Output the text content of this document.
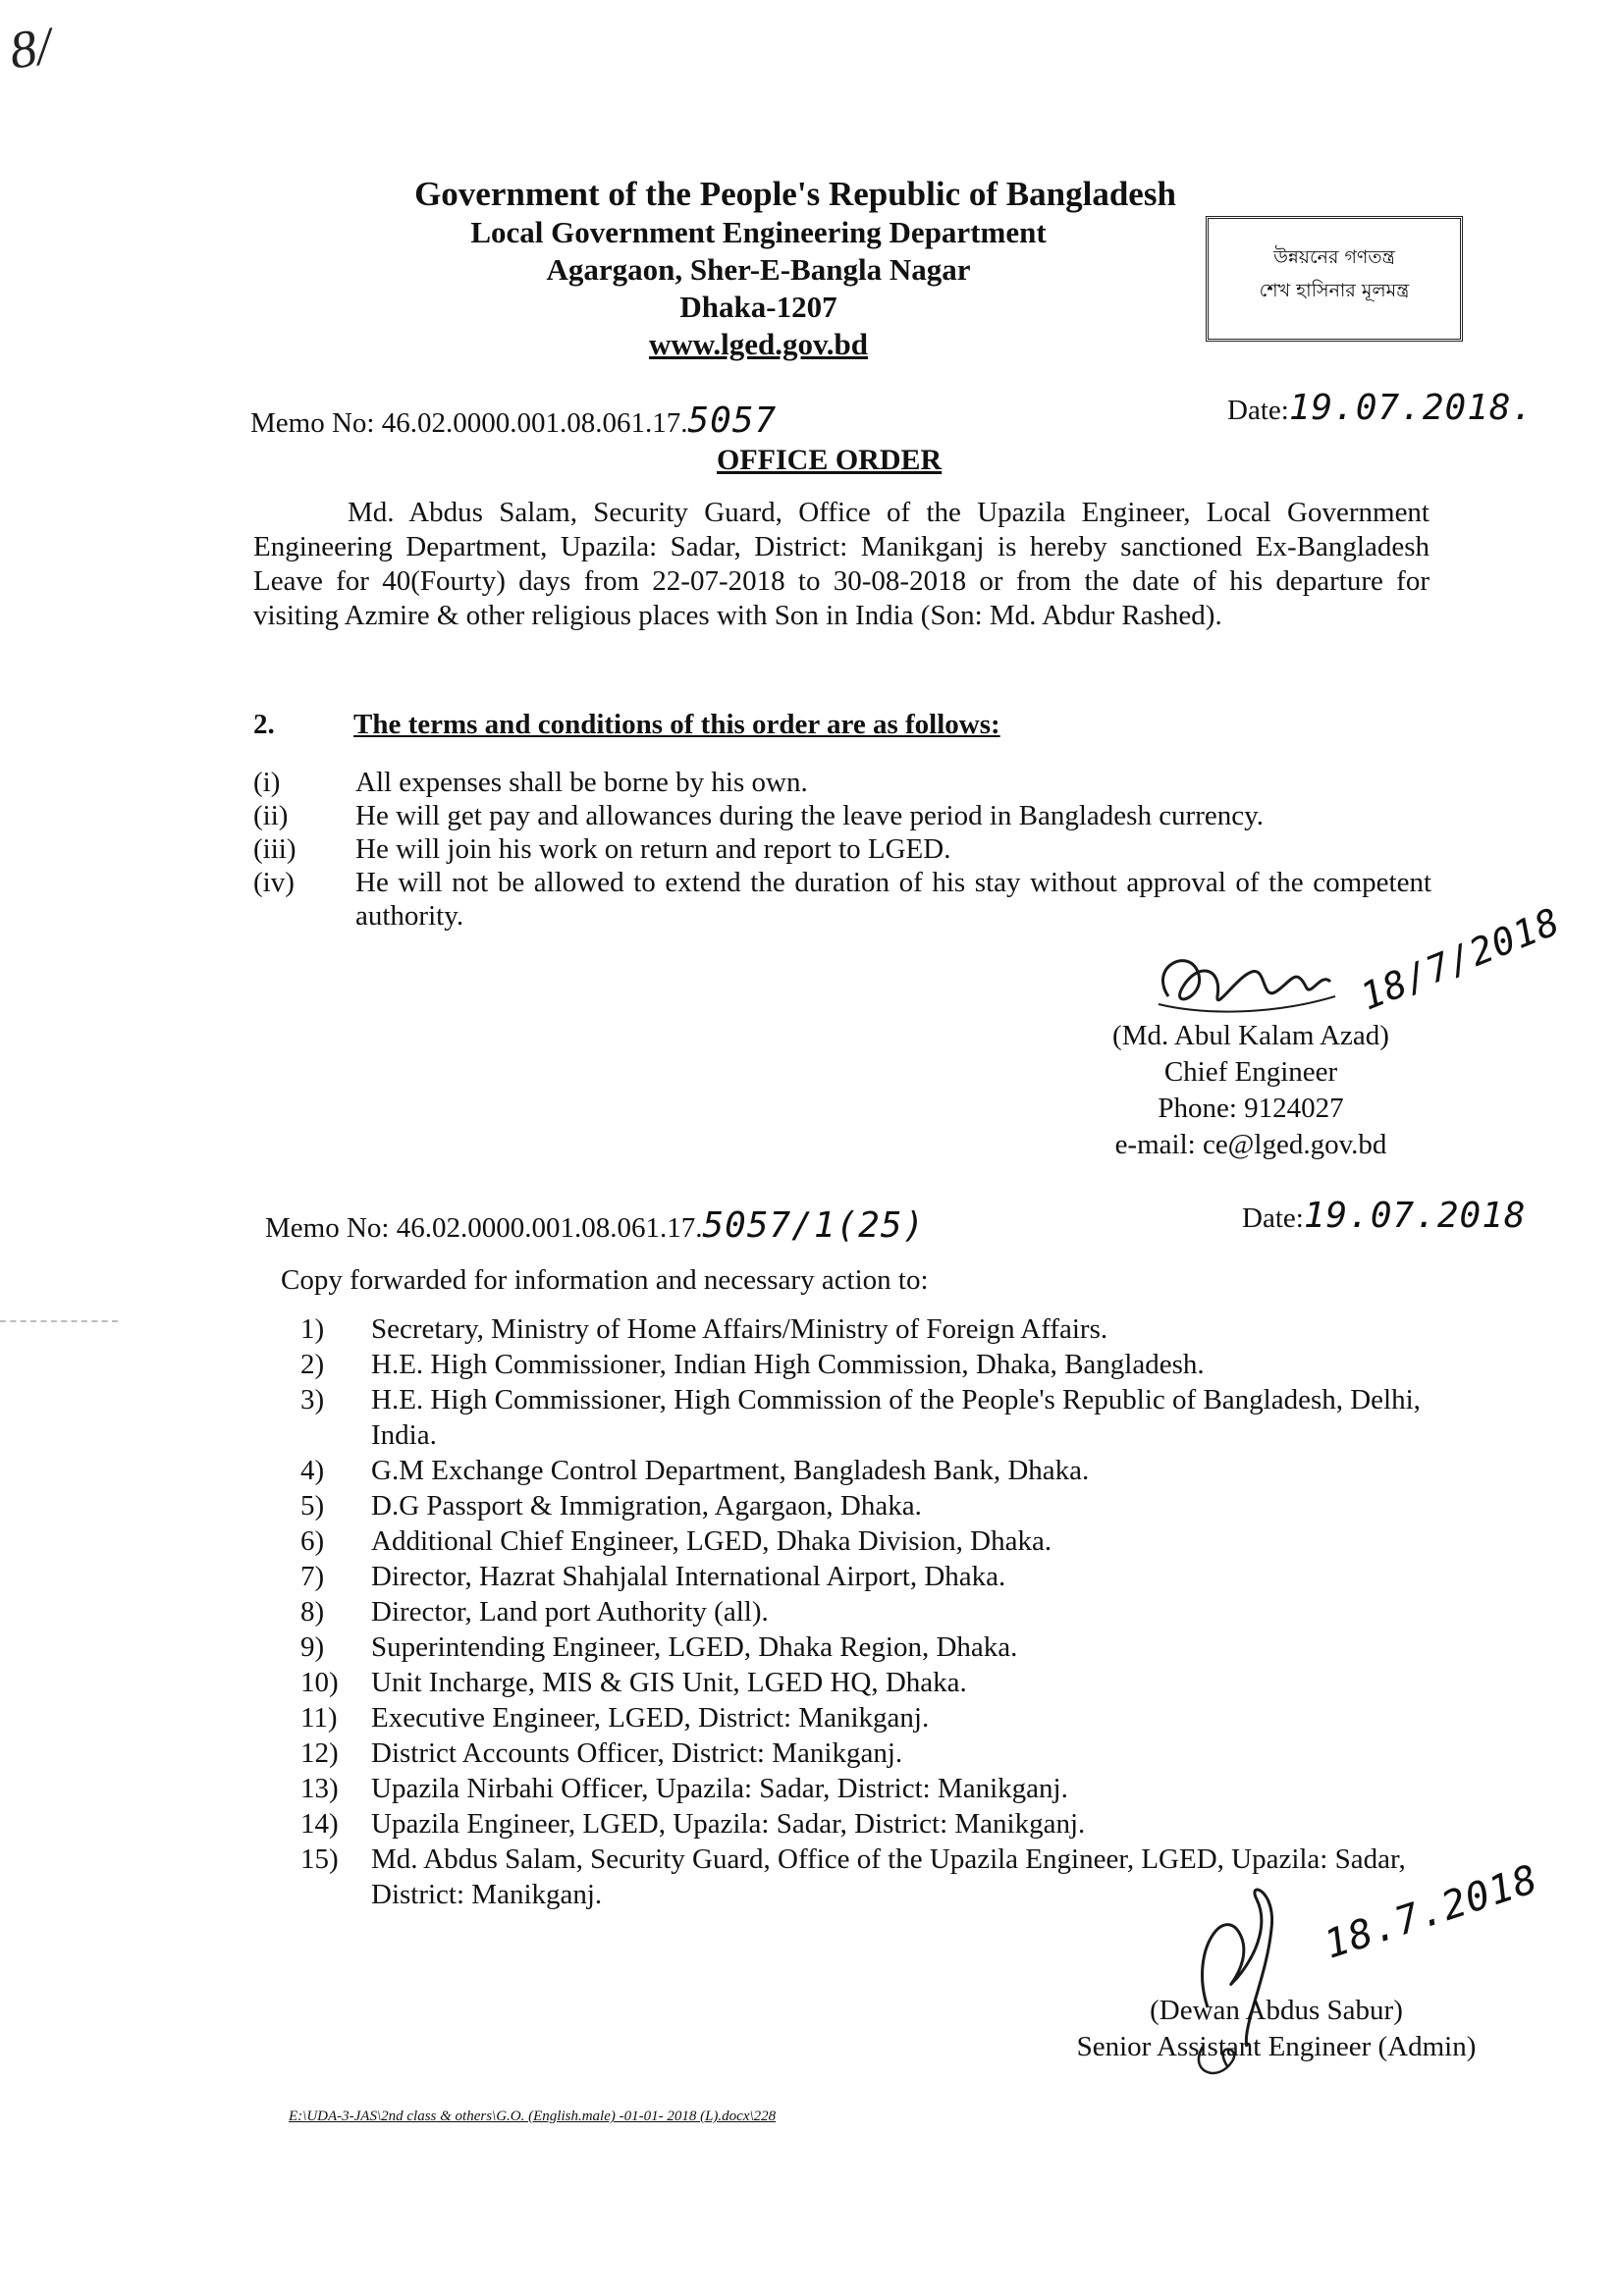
8/
Government of the People's Republic of Bangladesh
Local Government Engineering Department
Agargaon, Sher-E-Bangla Nagar
Dhaka-1207
www.lged.gov.bd
উন্নয়নের গণতন্ত্র
শেখ হাসিনার মূলমন্ত্র
Memo No: 46.02.0000.001.08.061.17.5057	Date:19.07.2018.
OFFICE ORDER
Md. Abdus Salam, Security Guard, Office of the Upazila Engineer, Local Government Engineering Department, Upazila: Sadar, District: Manikganj is hereby sanctioned Ex-Bangladesh Leave for 40(Fourty) days from 22-07-2018 to 30-08-2018 or from the date of his departure for visiting Azmire & other religious places with Son in India (Son: Md. Abdur Rashed).
2.	The terms and conditions of this order are as follows:
(i)	All expenses shall be borne by his own.
(ii)	He will get pay and allowances during the leave period in Bangladesh currency.
(iii)	He will join his work on return and report to LGED.
(iv)	He will not be allowed to extend the duration of his stay without approval of the competent authority.	18/7/2018
(Md. Abul Kalam Azad)
Chief Engineer
Phone: 9124027
e-mail: ce@lged.gov.bd
Memo No: 46.02.0000.001.08.061.17.5057/1(25)	Date:19.07.2018
Copy forwarded for information and necessary action to:
1)	Secretary, Ministry of Home Affairs/Ministry of Foreign Affairs.
2)	H.E. High Commissioner, Indian High Commission, Dhaka, Bangladesh.
3)	H.E. High Commissioner, High Commission of the People's Republic of Bangladesh, Delhi, India.
4)	G.M Exchange Control Department, Bangladesh Bank, Dhaka.
5)	D.G Passport & Immigration, Agargaon, Dhaka.
6)	Additional Chief Engineer, LGED, Dhaka Division, Dhaka.
7)	Director, Hazrat Shahjalal International Airport, Dhaka.
8)	Director, Land port Authority (all).
9)	Superintending Engineer, LGED, Dhaka Region, Dhaka.
10)	Unit Incharge, MIS & GIS Unit, LGED HQ, Dhaka.
11)	Executive Engineer, LGED, District: Manikganj.
12)	District Accounts Officer, District: Manikganj.
13)	Upazila Nirbahi Officer, Upazila: Sadar, District: Manikganj.
14)	Upazila Engineer, LGED, Upazila: Sadar, District: Manikganj.
15)	Md. Abdus Salam, Security Guard, Office of the Upazila Engineer, LGED, Upazila: Sadar, District: Manikganj.	18.7.2018
(Dewan Abdus Sabur)
Senior Assistant Engineer (Admin)
E:\UDA-3-JAS\2nd class & others\G.O. (English.male) -01-01- 2018 (L).docx\228
